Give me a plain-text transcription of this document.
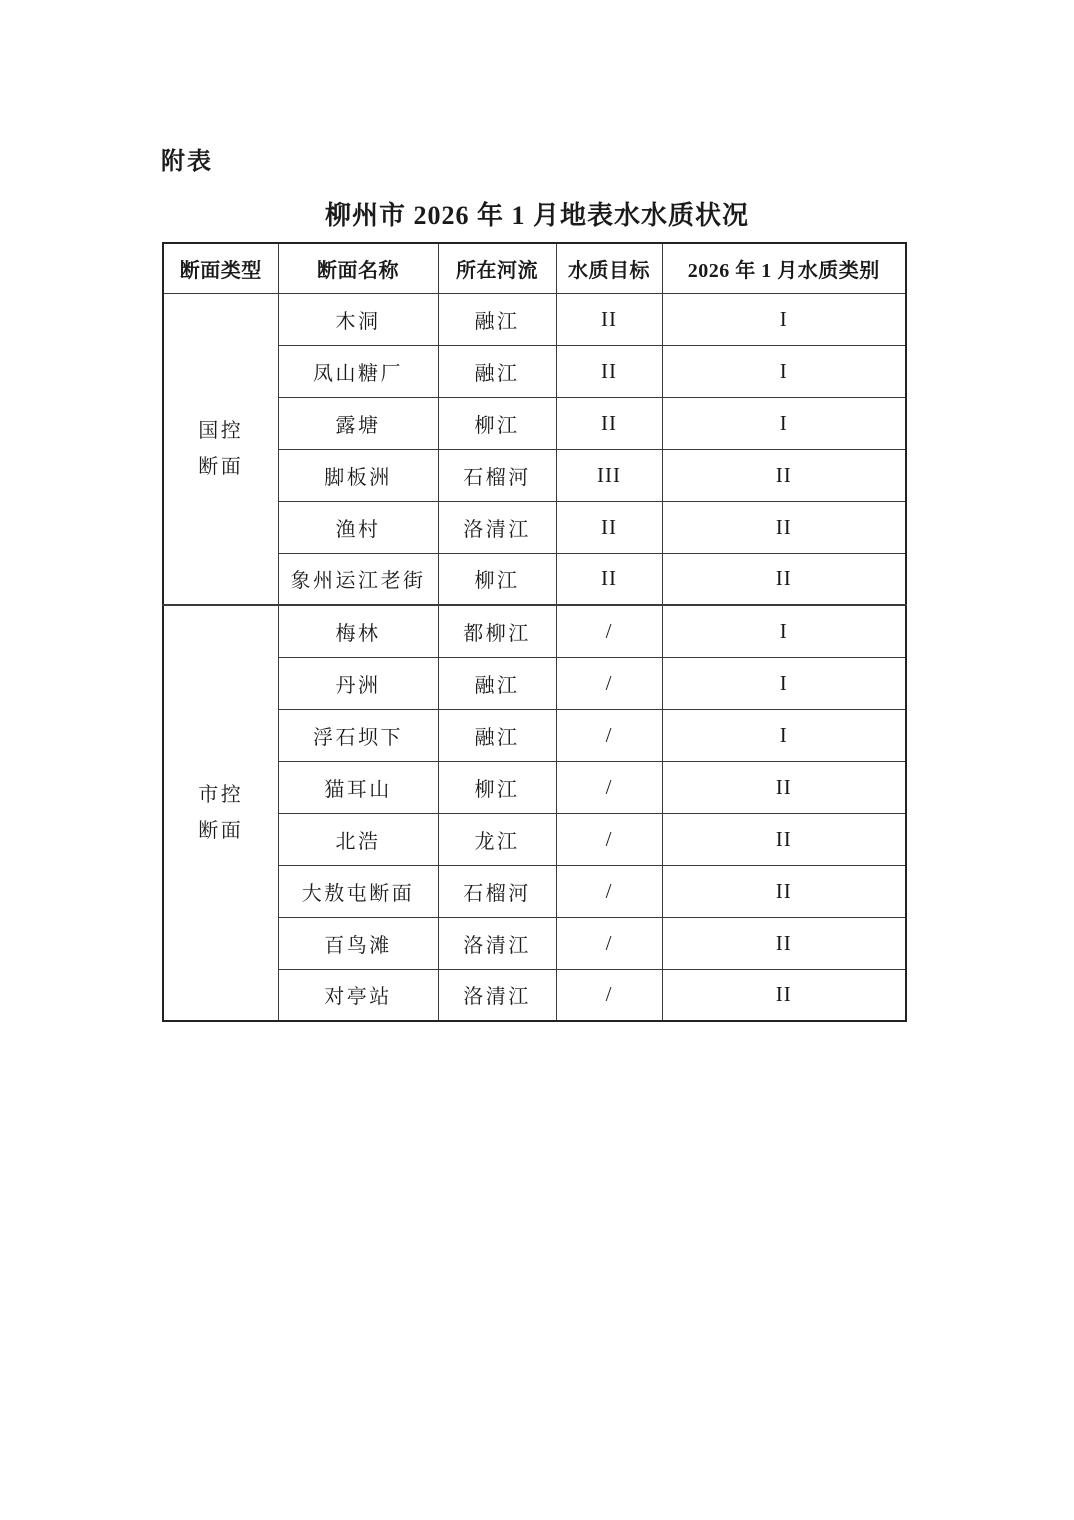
附表
柳州市 2026 年 1 月地表水水质状况
断面类型	断面名称	所在河流	水质目标	2026 年 1 月水质类别

国控
断面	木洞	融江	II	I
	凤山糖厂	融江	II	I
	露塘	柳江	II	I
	脚板洲	石榴河	III	II
	渔村	洛清江	II	II
	象州运江老街	柳江	II	II

市控
断面	梅林	都柳江	/	I
	丹洲	融江	/	I
	浮石坝下	融江	/	I
	猫耳山	柳江	/	II
	北浩	龙江	/	II
	大敖屯断面	石榴河	/	II
	百鸟滩	洛清江	/	II
	对亭站	洛清江	/	II
